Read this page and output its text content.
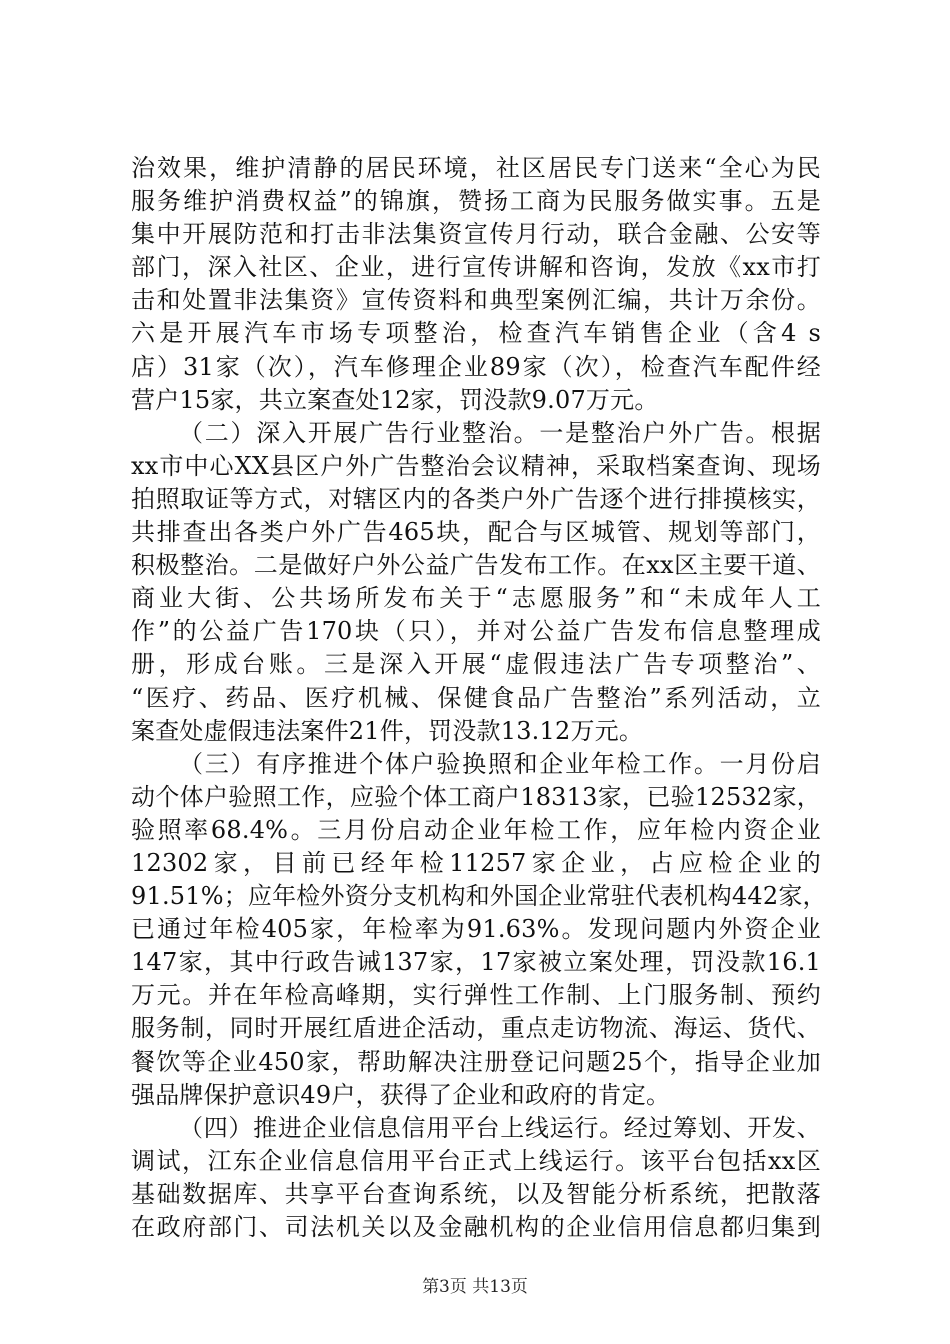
治效果，维护清静的居民环境，社区居民专门送来“全心为民
服务维护消费权益”的锦旗，赞扬工商为民服务做实事。五是
集中开展防范和打击非法集资宣传月行动，联合金融、公安等
部门，深入社区、企业，进行宣传讲解和咨询，发放《xx市打
击和处置非法集资》宣传资料和典型案例汇编，共计万余份。
六是开展汽车市场专项整治，检查汽车销售企业（含4 s
店）31家（次），汽车修理企业89家（次），检查汽车配件经
营户15家，共立案查处12家，罚没款9.07万元。
（二）深入开展广告行业整治。一是整治户外广告。根据
xx市中心XX县区户外广告整治会议精神，采取档案查询、现场
拍照取证等方式，对辖区内的各类户外广告逐个进行排摸核实，
共排查出各类户外广告465块，配合与区城管、规划等部门，
积极整治。二是做好户外公益广告发布工作。在xx区主要干道、
商业大街、公共场所发布关于“志愿服务”和“未成年人工
作”的公益广告170块（只），并对公益广告发布信息整理成
册，形成台账。三是深入开展“虚假违法广告专项整治”、
“医疗、药品、医疗机械、保健食品广告整治”系列活动，立
案查处虚假违法案件21件，罚没款13.12万元。
（三）有序推进个体户验换照和企业年检工作。一月份启
动个体户验照工作，应验个体工商户18313家，已验12532家，
验照率68.4%。三月份启动企业年检工作，应年检内资企业
12302家，目前已经年检11257家企业，占应检企业的
91.51%；应年检外资分支机构和外国企业常驻代表机构442家，
已通过年检405家，年检率为91.63%。发现问题内外资企业
147家，其中行政告诫137家，17家被立案处理，罚没款16.1
万元。并在年检高峰期，实行弹性工作制、上门服务制、预约
服务制，同时开展红盾进企活动，重点走访物流、海运、货代、
餐饮等企业450家，帮助解决注册登记问题25个，指导企业加
强品牌保护意识49户，获得了企业和政府的肯定。
（四）推进企业信息信用平台上线运行。经过筹划、开发、
调试，江东企业信息信用平台正式上线运行。该平台包括xx区
基础数据库、共享平台查询系统，以及智能分析系统，把散落
在政府部门、司法机关以及金融机构的企业信用信息都归集到
第3页 共13页
